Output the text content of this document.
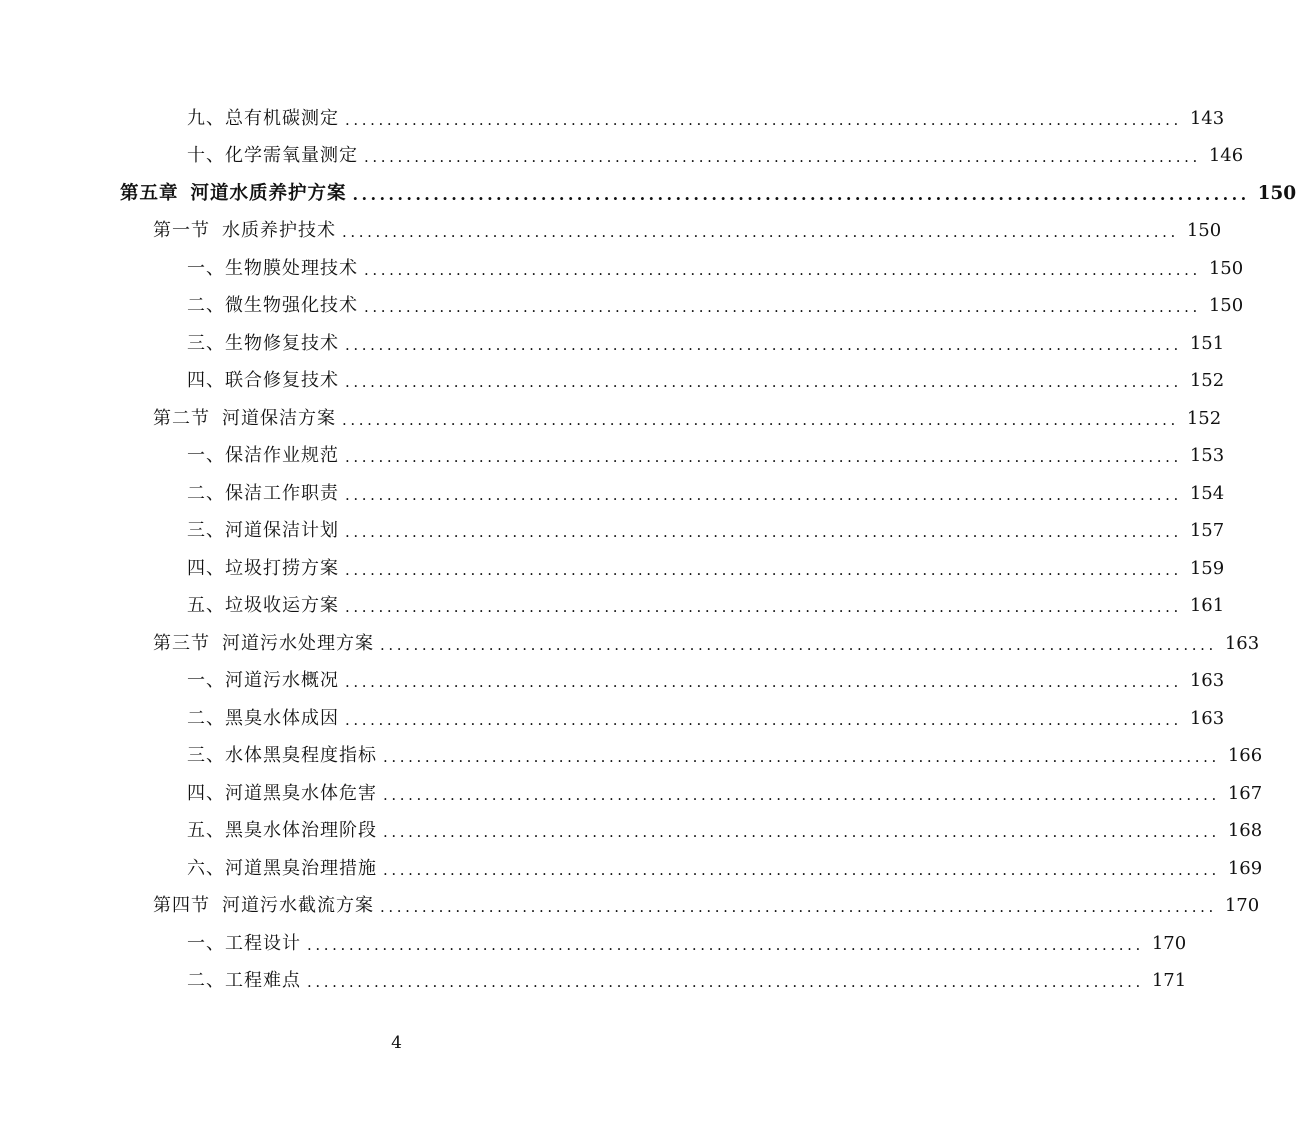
九、总有机碳测定 .................................................................................................... 143
十、化学需氧量测定 .................................................................................................... 146
第五章 河道水质养护方案 .................................................................................................... 150
第一节 水质养护技术 .................................................................................................... 150
一、生物膜处理技术 .................................................................................................... 150
二、微生物强化技术 .................................................................................................... 150
三、生物修复技术 .................................................................................................... 151
四、联合修复技术 .................................................................................................... 152
第二节 河道保洁方案 .................................................................................................... 152
一、保洁作业规范 .................................................................................................... 153
二、保洁工作职责 .................................................................................................... 154
三、河道保洁计划 .................................................................................................... 157
四、垃圾打捞方案 .................................................................................................... 159
五、垃圾收运方案 .................................................................................................... 161
第三节 河道污水处理方案 .................................................................................................... 163
一、河道污水概况 .................................................................................................... 163
二、黑臭水体成因 .................................................................................................... 163
三、水体黑臭程度指标 .................................................................................................... 166
四、河道黑臭水体危害 .................................................................................................... 167
五、黑臭水体治理阶段 .................................................................................................... 168
六、河道黑臭治理措施 .................................................................................................... 169
第四节 河道污水截流方案 .................................................................................................... 170
一、工程设计 .................................................................................................... 170
二、工程难点 .................................................................................................... 171
4
